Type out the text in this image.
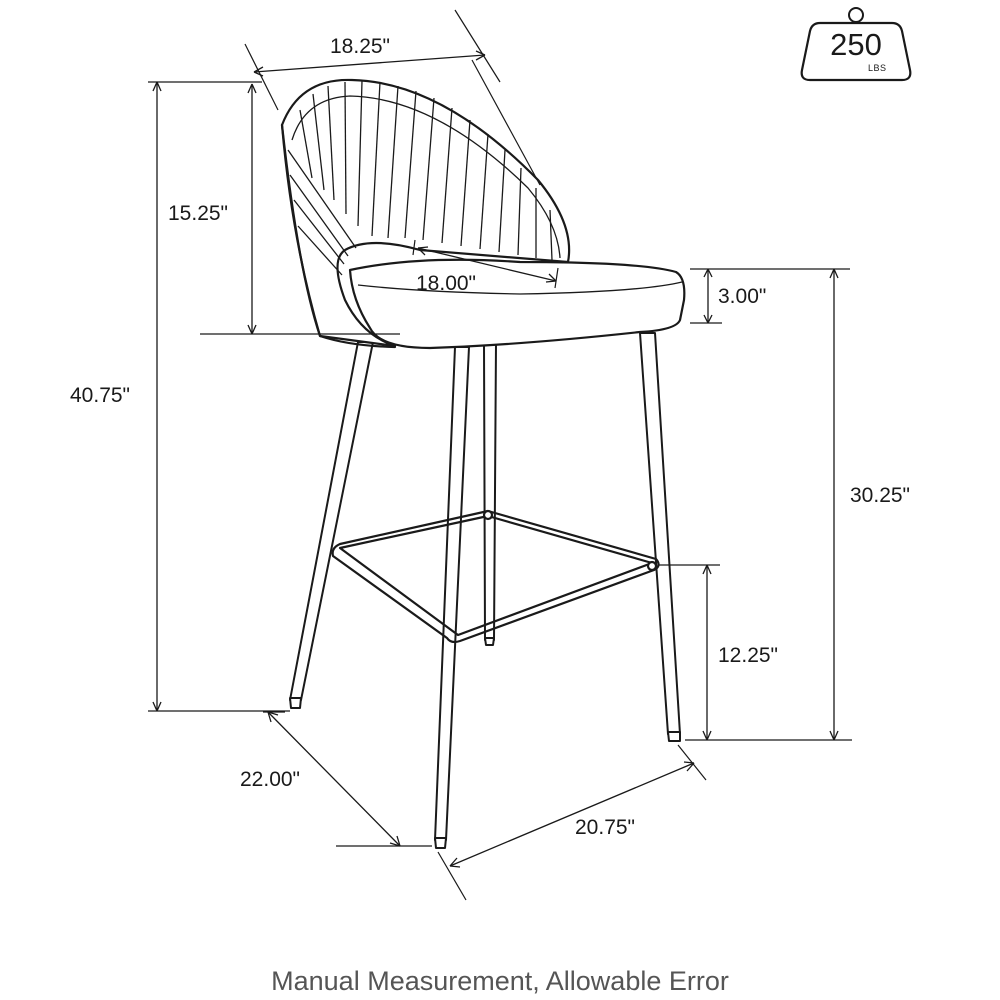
250
LBS
18.25"
15.25"
40.75"
18.00"
3.00"
30.25"
12.25"
22.00"
20.75"
Manual Measurement, Allowable Error
